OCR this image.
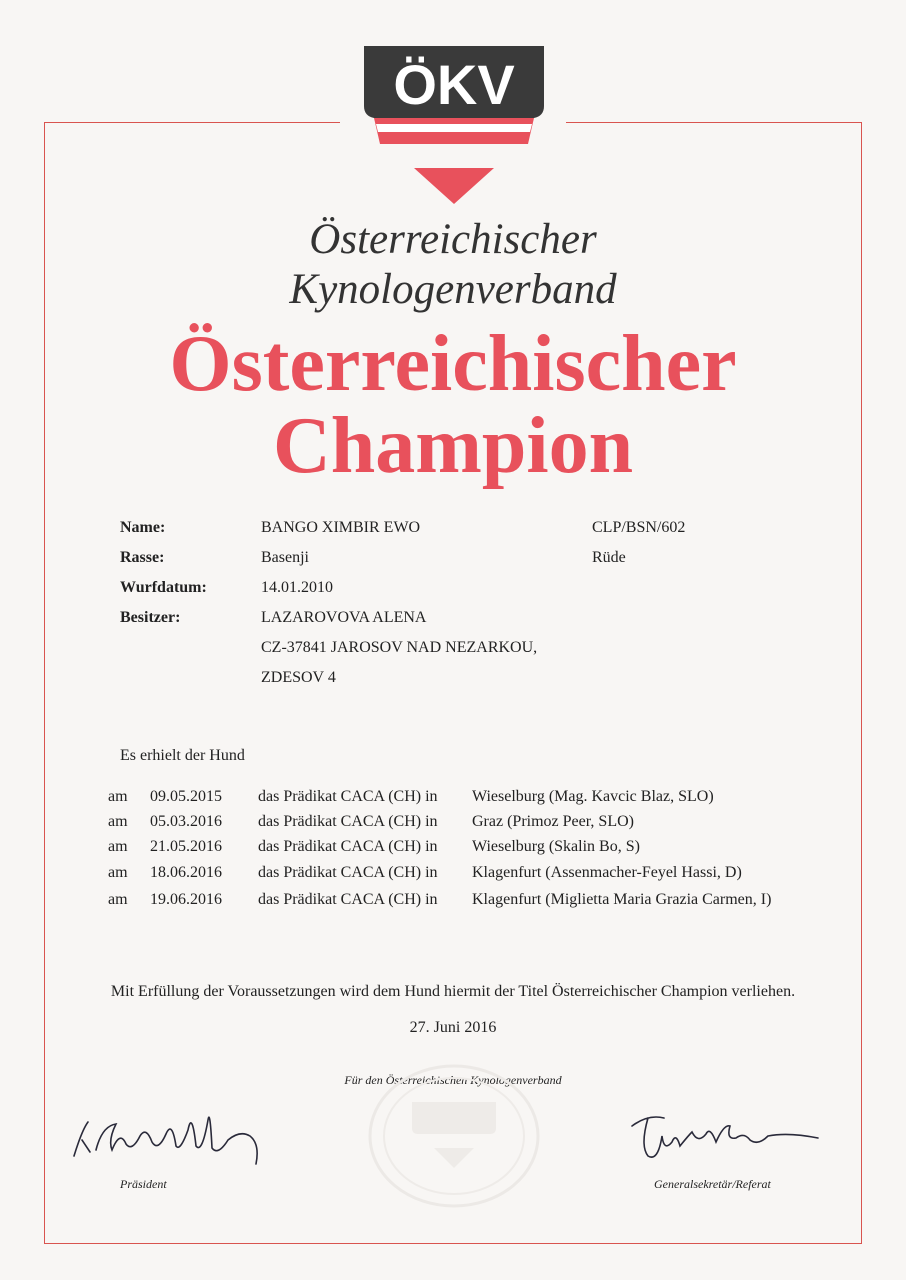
ÖKV
Österreichischer
Kynologenverband
Österreichischer
Champion
Name:	BANGO XIMBIR EWO	CLP/BSN/602
Rasse:	Basenji	Rüde
Wurfdatum:	14.01.2010
Besitzer:	LAZAROVOVA ALENA
CZ-37841 JAROSOV NAD NEZARKOU,
ZDESOV 4
Es erhielt der Hund
am 09.05.2015 das Prädikat CACA (CH) in Wieselburg (Mag. Kavcic Blaz, SLO)
am 05.03.2016 das Prädikat CACA (CH) in Graz (Primoz Peer, SLO)
am 21.05.2016 das Prädikat CACA (CH) in Wieselburg (Skalin Bo, S)
am 18.06.2016 das Prädikat CACA (CH) in Klagenfurt (Assenmacher-Feyel Hassi, D)
am 19.06.2016 das Prädikat CACA (CH) in Klagenfurt (Miglietta Maria Grazia Carmen, I)
Mit Erfüllung der Voraussetzungen wird dem Hund hiermit der Titel Österreichischer Champion verliehen.
27. Juni 2016
Für den Österreichischen Kynologenverband
Präsident	Generalsekretär/Referat
